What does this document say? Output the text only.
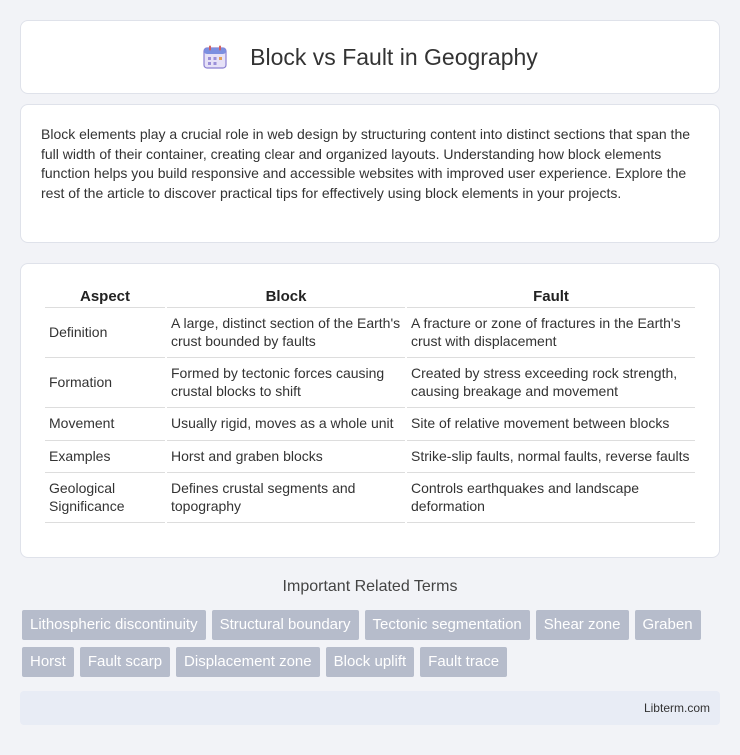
Block vs Fault in Geography

Block elements play a crucial role in web design by structuring content into distinct sections that span the full width of their container, creating clear and organized layouts. Understanding how block elements function helps you build responsive and accessible websites with improved user experience. Explore the rest of the article to discover practical tips for effectively using block elements in your projects.

Aspect	Block	Fault
Definition	A large, distinct section of the Earth's crust bounded by faults	A fracture or zone of fractures in the Earth's crust with displacement
Formation	Formed by tectonic forces causing crustal blocks to shift	Created by stress exceeding rock strength, causing breakage and movement
Movement	Usually rigid, moves as a whole unit	Site of relative movement between blocks
Examples	Horst and graben blocks	Strike-slip faults, normal faults, reverse faults
Geological Significance	Defines crustal segments and topography	Controls earthquakes and landscape deformation
Important Related Terms
Lithospheric discontinuity	Structural boundary	Tectonic segmentation	Shear zone	Graben
Horst	Fault scarp	Displacement zone	Block uplift	Fault trace
Libterm.com
